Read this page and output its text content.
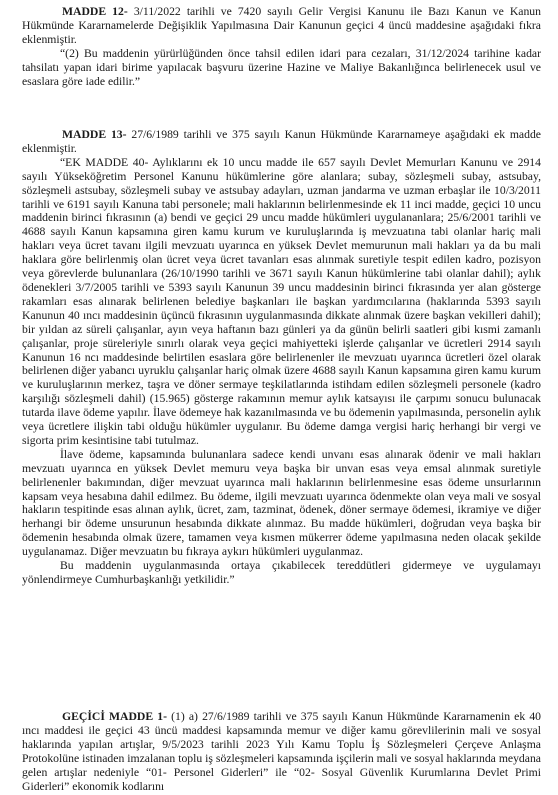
MADDE 12- 3/11/2022 tarihli ve 7420 sayılı Gelir Vergisi Kanunu ile Bazı Kanun ve Kanun Hükmünde Kararnamelerde Değişiklik Yapılmasına Dair Kanunun geçici 4 üncü maddesine aşağıdaki fıkra eklenmiştir.

“(2) Bu maddenin yürürlüğünden önce tahsil edilen idari para cezaları, 31/12/2024 tarihine kadar tahsilatı yapan idari birime yapılacak başvuru üzerine Hazine ve Maliye Bakanlığınca belirlenecek usul ve esaslara göre iade edilir.”

MADDE 13- 27/6/1989 tarihli ve 375 sayılı Kanun Hükmünde Kararnameye aşağıdaki ek madde eklenmiştir.

“EK MADDE 40- Aylıklarını ek 10 uncu madde ile 657 sayılı Devlet Memurları Kanunu ve 2914 sayılı Yükseköğretim Personel Kanunu hükümlerine göre alanlara; subay, sözleşmeli subay, astsubay, sözleşmeli astsubay, sözleşmeli subay ve astsubay adayları, uzman jandarma ve uzman erbaşlar ile 10/3/2011 tarihli ve 6191 sayılı Kanuna tabi personele; mali haklarının belirlenmesinde ek 11 inci madde, geçici 10 uncu maddenin birinci fıkrasının (a) bendi ve geçici 29 uncu madde hükümleri uygulananlara; 25/6/2001 tarihli ve 4688 sayılı Kanun kapsamına giren kamu kurum ve kuruluşlarında iş mevzuatına tabi olanlar hariç mali hakları veya ücret tavanı ilgili mevzuatı uyarınca en yüksek Devlet memurunun mali hakları ya da bu mali haklara göre belirlenmiş olan ücret veya ücret tavanları esas alınmak suretiyle tespit edilen kadro, pozisyon veya görevlerde bulunanlara (26/10/1990 tarihli ve 3671 sayılı Kanun hükümlerine tabi olanlar dahil); aylık ödenekleri 3/7/2005 tarihli ve 5393 sayılı Kanunun 39 uncu maddesinin birinci fıkrasında yer alan gösterge rakamları esas alınarak belirlenen belediye başkanları ile başkan yardımcılarına (haklarında 5393 sayılı Kanunun 40 ıncı maddesinin üçüncü fıkrasının uygulanmasında dikkate alınmak üzere başkan vekilleri dahil); bir yıldan az süreli çalışanlar, ayın veya haftanın bazı günleri ya da günün belirli saatleri gibi kısmi zamanlı çalışanlar, proje süreleriyle sınırlı olarak veya geçici mahiyetteki işlerde çalışanlar ve ücretleri 2914 sayılı Kanunun 16 ncı maddesinde belirtilen esaslara göre belirlenenler ile mevzuatı uyarınca ücretleri özel olarak belirlenen diğer yabancı uyruklu çalışanlar hariç olmak üzere 4688 sayılı Kanun kapsamına giren kamu kurum ve kuruluşlarının merkez, taşra ve döner sermaye teşkilatlarında istihdam edilen sözleşmeli personele (kadro karşılığı sözleşmeli dahil) (15.965) gösterge rakamının memur aylık katsayısı ile çarpımı sonucu bulunacak tutarda ilave ödeme yapılır. İlave ödemeye hak kazanılmasında ve bu ödemenin yapılmasında, personelin aylık veya ücretlere ilişkin tabi olduğu hükümler uygulanır. Bu ödeme damga vergisi hariç herhangi bir vergi ve sigorta prim kesintisine tabi tutulmaz.

İlave ödeme, kapsamında bulunanlara sadece kendi unvanı esas alınarak ödenir ve mali hakları mevzuatı uyarınca en yüksek Devlet memuru veya başka bir unvan esas veya emsal alınmak suretiyle belirlenenler bakımından, diğer mevzuat uyarınca mali haklarının belirlenmesine esas ödeme unsurlarının kapsam veya hesabına dahil edilmez. Bu ödeme, ilgili mevzuatı uyarınca ödenmekte olan veya mali ve sosyal hakların tespitinde esas alınan aylık, ücret, zam, tazminat, ödenek, döner sermaye ödemesi, ikramiye ve diğer herhangi bir ödeme unsurunun hesabında dikkate alınmaz. Bu madde hükümleri, doğrudan veya başka bir ödemenin hesabında olmak üzere, tamamen veya kısmen mükerrer ödeme yapılmasına neden olacak şekilde uygulanamaz. Diğer mevzuatın bu fıkraya aykırı hükümleri uygulanmaz.

Bu maddenin uygulanmasında ortaya çıkabilecek tereddütleri gidermeye ve uygulamayı yönlendirmeye Cumhurbaşkanlığı yetkilidir.”

GEÇİCİ MADDE 1- (1) a) 27/6/1989 tarihli ve 375 sayılı Kanun Hükmünde Kararnamenin ek 40 ıncı maddesi ile geçici 43 üncü maddesi kapsamında memur ve diğer kamu görevlilerinin mali ve sosyal haklarında yapılan artışlar, 9/5/2023 tarihli 2023 Yılı Kamu Toplu İş Sözleşmeleri Çerçeve Anlaşma Protokolüne istinaden imzalanan toplu iş sözleşmeleri kapsamında işçilerin mali ve sosyal haklarında meydana gelen artışlar nedeniyle “01- Personel Giderleri” ile “02- Sosyal Güvenlik Kurumlarına Devlet Primi Giderleri” ekonomik kodlarını
